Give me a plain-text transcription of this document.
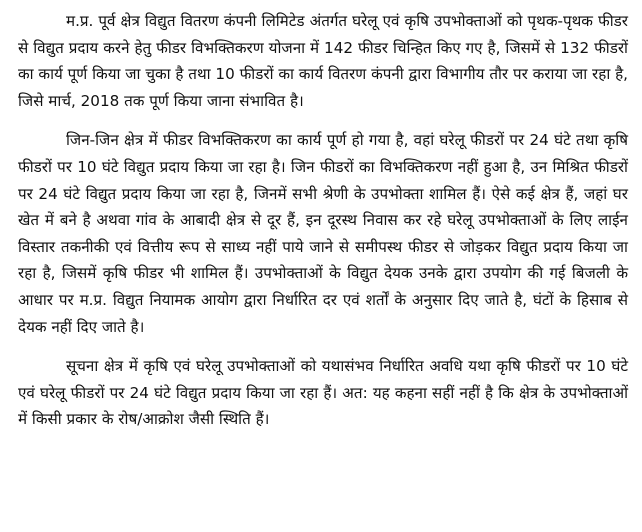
म.प्र. पूर्व क्षेत्र विद्युत वितरण कंपनी लिमिटेड अंतर्गत घरेलू एवं कृषि उपभोक्ताओं को पृथक-पृथक फीडर से विद्युत प्रदाय करने हेतु फीडर विभक्तिकरण योजना में 142 फीडर चिन्हित किए गए है, जिसमें से 132 फीडरों का कार्य पूर्ण किया जा चुका है तथा 10 फीडरों का कार्य वितरण कंपनी द्वारा विभागीय तौर पर कराया जा रहा है, जिसे मार्च, 2018 तक पूर्ण किया जाना संभावित है।

जिन-जिन क्षेत्र में फीडर विभक्तिकरण का कार्य पूर्ण हो गया है, वहां घरेलू फीडरों पर 24 घंटे तथा कृषि फीडरों पर 10 घंटे विद्युत प्रदाय किया जा रहा है। जिन फीडरों का विभक्तिकरण नहीं हुआ है, उन मिश्रित फीडरों पर 24 घंटे विद्युत प्रदाय किया जा रहा है, जिनमें सभी श्रेणी के उपभोक्ता शामिल हैं। ऐसे कई क्षेत्र हैं, जहां घर खेत में बने है अथवा गांव के आबादी क्षेत्र से दूर हैं, इन दूरस्थ निवास कर रहे घरेलू उपभोक्ताओं के लिए लाईन विस्तार तकनीकी एवं वित्तीय रूप से साध्य नहीं पाये जाने से समीपस्थ फीडर से जोड़कर विद्युत प्रदाय किया जा रहा है, जिसमें कृषि फीडर भी शामिल हैं। उपभोक्ताओं के विद्युत देयक उनके द्वारा उपयोग की गई बिजली के आधार पर म.प्र. विद्युत नियामक आयोग द्वारा निर्धारित दर एवं शर्तों के अनुसार दिए जाते है, घंटों के हिसाब से देयक नहीं दिए जाते है।

सूचना क्षेत्र में कृषि एवं घरेलू उपभोक्ताओं को यथासंभव निर्धारित अवधि यथा कृषि फीडरों पर 10 घंटे एवं घरेलू फीडरों पर 24 घंटे विद्युत प्रदाय किया जा रहा हैं। अत: यह कहना सहीं नहीं है कि क्षेत्र के उपभोक्ताओं में किसी प्रकार के रोष/आक्रोश जैसी स्थिति हैं।
